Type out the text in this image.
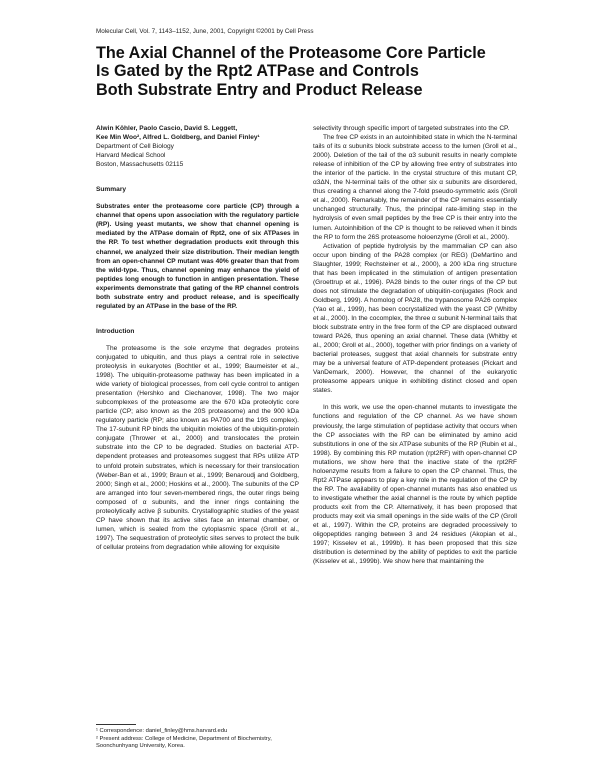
Molecular Cell, Vol. 7, 1143–1152, June, 2001, Copyright ©2001 by Cell Press
The Axial Channel of the Proteasome Core Particle
Is Gated by the Rpt2 ATPase and Controls
Both Substrate Entry and Product Release
Alwin Köhler, Paolo Cascio, David S. Leggett,
Kee Min Woo², Alfred L. Goldberg, and Daniel Finley¹
Department of Cell Biology
Harvard Medical School
Boston, Massachusetts 02115
Summary

Substrates enter the proteasome core particle (CP) through a channel that opens upon association with the regulatory particle (RP). Using yeast mutants, we show that channel opening is mediated by the ATPase domain of Rpt2, one of six ATPases in the RP. To test whether degradation products exit through this channel, we analyzed their size distribution. Their median length from an open-channel CP mutant was 40% greater than that from the wild-type. Thus, channel opening may enhance the yield of peptides long enough to function in antigen presentation. These experiments demonstrate that gating of the RP channel controls both substrate entry and product release, and is specifically regulated by an ATPase in the base of the RP.

Introduction

The proteasome is the sole enzyme that degrades proteins conjugated to ubiquitin, and thus plays a central role in selective proteolysis in eukaryotes (Bochtler et al., 1999; Baumeister et al., 1998). The ubiquitin-proteasome pathway has been implicated in a wide variety of biological processes, from cell cycle control to antigen presentation (Hershko and Ciechanover, 1998). The two major subcomplexes of the proteasome are the 670 kDa proteolytic core particle (CP; also known as the 20S proteasome) and the 900 kDa regulatory particle (RP; also known as PA700 and the 19S complex). The 17-subunit RP binds the ubiquitin moieties of the ubiquitin-protein conjugate (Thrower et al., 2000) and translocates the protein substrate into the CP to be degraded. Studies on bacterial ATP-dependent proteases and proteasomes suggest that RPs utilize ATP to unfold protein substrates, which is necessary for their translocation (Weber-Ban et al., 1999; Braun et al., 1999; Benaroudj and Goldberg, 2000; Singh et al., 2000; Hoskins et al., 2000). The subunits of the CP are arranged into four seven-membered rings, the outer rings being composed of α subunits, and the inner rings containing the proteolytically active β subunits. Crystallographic studies of the yeast CP have shown that its active sites face an internal chamber, or lumen, which is sealed from the cytoplasmic space (Groll et al., 1997). The sequestration of proteolytic sites serves to protect the bulk of cellular proteins from degradation while allowing for exquisite

selectivity through specific import of targeted substrates into the CP.

The free CP exists in an autoinhibited state in which the N-terminal tails of its α subunits block substrate access to the lumen (Groll et al., 2000). Deletion of the tail of the α3 subunit results in nearly complete release of inhibition of the CP by allowing free entry of substrates into the interior of the particle. In the crystal structure of this mutant CP, α3ΔN, the N-terminal tails of the other six α subunits are disordered, thus creating a channel along the 7-fold pseudo-symmetric axis (Groll et al., 2000). Remarkably, the remainder of the CP remains essentially unchanged structurally. Thus, the principal rate-limiting step in the hydrolysis of even small peptides by the free CP is their entry into the lumen. Autoinhibition of the CP is thought to be relieved when it binds the RP to form the 26S proteasome holoenzyme (Groll et al., 2000).

Activation of peptide hydrolysis by the mammalian CP can also occur upon binding of the PA28 complex (or REG) (DeMartino and Slaughter, 1999; Rechsteiner et al., 2000), a 200 kDa ring structure that has been implicated in the stimulation of antigen presentation (Groettrup et al., 1996). PA28 binds to the outer rings of the CP but does not stimulate the degradation of ubiquitin-conjugates (Rock and Goldberg, 1999). A homolog of PA28, the trypanosome PA26 complex (Yao et al., 1999), has been cocrystallized with the yeast CP (Whitby et al., 2000). In the cocomplex, the three α subunit N-terminal tails that block substrate entry in the free form of the CP are displaced outward toward PA26, thus opening an axial channel. These data (Whitby et al., 2000; Groll et al., 2000), together with prior findings on a variety of bacterial proteases, suggest that axial channels for substrate entry may be a universal feature of ATP-dependent proteases (Pickart and VanDemark, 2000). However, the channel of the eukaryotic proteasome appears unique in exhibiting distinct closed and open states.

In this work, we use the open-channel mutants to investigate the functions and regulation of the CP channel. As we have shown previously, the large stimulation of peptidase activity that occurs when the CP associates with the RP can be eliminated by amino acid substitutions in one of the six ATPase subunits of the RP (Rubin et al., 1998). By combining this RP mutation (rpt2RF) with open-channel CP mutations, we show here that the inactive state of the rpt2RF holoenzyme results from a failure to open the CP channel. Thus, the Rpt2 ATPase appears to play a key role in the regulation of the CP by the RP. The availability of open-channel mutants has also enabled us to investigate whether the axial channel is the route by which peptide products exit from the CP. Alternatively, it has been proposed that products may exit via small openings in the side walls of the CP (Groll et al., 1997). Within the CP, proteins are degraded processively to oligopeptides ranging between 3 and 24 residues (Akopian et al., 1997; Kisselev et al., 1999b). It has been proposed that this size distribution is determined by the ability of peptides to exit the particle (Kisselev et al., 1999b). We show here that maintaining the

¹ Correspondence: daniel_finley@hms.harvard.edu
² Present address: College of Medicine, Department of Biochemistry,
Soonchunhyang University, Korea.
